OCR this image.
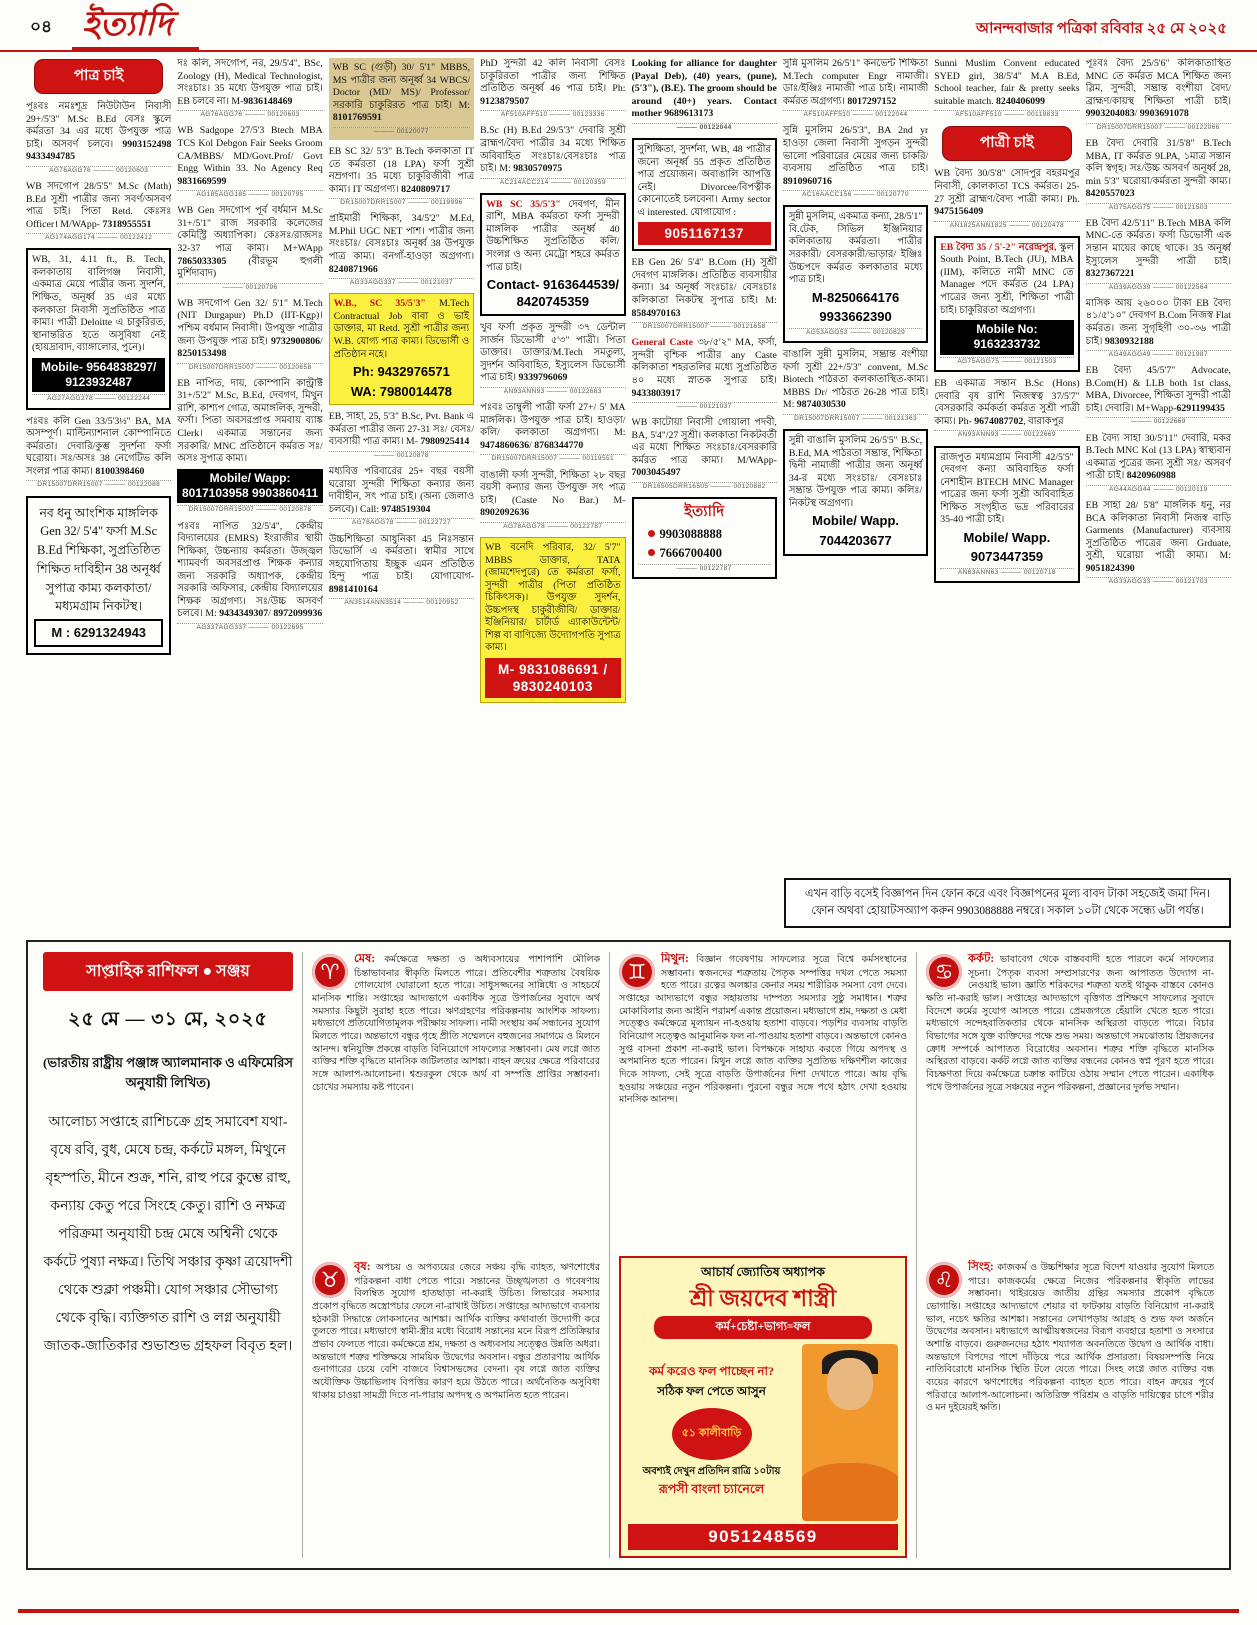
০৪ ইত্যাদি	আনন্দবাজার পত্রিকা রবিবার ২৫ মে ২০২৫
পাত্র চাই
পূঃবঃ নমঃশূদ্র নিউটাউন নিবাসী 29+/5'3" M.Sc B.Ed বেসঃ স্কুলে কর্মরতা 34 এর মধ্যে উপযুক্ত পাত্র চাই। অসবর্ণ চলবে। 9903152498 9433494785
AG76AGG76 ——— 00120603
WB সদগোপ 28/5'5" M.Sc (Math) B.Ed সুশ্রী পাত্রীর জন্য সবর্ণ/অসবর্ণ পাত্র চাই। পিতা Retd. কেঃসঃ Officer। M/WApp- 7318955551
AG174AGG174 ——— 00122412
WB, 31, 4.11 ft., B. Tech, কলকাতায় বালিগঞ্জ নিবাসী, একমাত্র মেয়ে পাত্রীর জন্য সুদর্শন, শিক্ষিত, অনূর্ধ্ব 35 এর মধ্যে কলকাতা নিবাসী সুপ্রতিষ্ঠিত পাত্র কাম্য। পাত্রী Deloitte এ চাকুরিরত, স্থানান্তরিত হতে অসুবিধা নেই (হায়দ্রাবাদ, ব্যাঙ্গালোর, পুনে)।
Mobile- 9564838297/ 9123932487
AG27AGG278 ——— 00122244
পঃবঃ কলি Gen 33/5'3½" BA, MA অসম্পূর্ণ। মাল্টিন্যাশনাল কোম্পানিতে কর্মরতা। দেবারি/কুম্ভ সুদর্শনা ফর্সা ঘরোয়া। সঃ/অসঃ 38 নেগেটিভ কলি সংলগ্ন পাত্র কাম্য। 8100398460
DR15007DRR15007 ——— 00122088
নব ধনু আংশিক মাঙ্গলিক Gen 32/ 5'4" ফর্সা M.Sc B.Ed শিক্ষিকা, সুপ্রতিষ্ঠিত শিক্ষিত দাবিহীন 38 অনূর্ধ্ব সুপাত্র কাম্য কলকাতা/ মধ্যমগ্রাম নিকটস্থ।
M : 6291324943
দঃ কলি, সদগোপ, নর, 29/5'4", BSc, Zoology (H), Medical Technologist, সংঃচাঃ। 35 মধ্যে উপযুক্ত পাত্র চাই। EB চলবে না। M-9836148469
AG76AGG76 ——— 00120603
WB Sadgope 27/5'3 Btech MBA TCS Kol Debgon Fair Seeks Groom CA/MBBS/ MD/Govt.Prof/ Govt Engg Within 33. No Agency Req 9831669599
AG185AGG185 ——— 00120795
WB Gen সদগোপ পূর্ব বর্ধমান M.Sc 31+/5'1" রাজ সরকারি কলেজের কেমিস্ট্রি অধ্যাপিকা। কেঃসঃ/রাজসঃ 32-37 পাত্র কাম্য। M+WApp 7865033305 (বীরভূম হুগলী মুর্শিদাবাদ)
——— 00120796
WB সদগোপ Gen 32/ 5'1" M.Tech (NIT Durgapur) Ph.D (IIT-Kgp)। পশ্চিম বর্ধমান নিবাসী। উপযুক্ত পাত্রীর জন্য উপযুক্ত পাত্র চাই। 9732900806/ 8250153498
DR15007DRR15007 ——— 00120658
EB নাপিত, দায়, কোম্পানি কান্ট্রাক্ট 31+/5'2" M.Sc, B.Ed, দেবগণ, মিথুন রাশি, কাশ্যপ গোত্র, অমাঙ্গলিক, সুন্দরী, ফর্সা। পিতা অবসরপ্রাপ্ত সমবায় ব্যাঙ্ক Clerk। একমাত্র সন্তানের জন্য সরকারি/ MNC প্রতিষ্ঠানে কর্মরত সঃ/অসঃ সুপাত্র কাম্য।
Mobile/ Wapp: 8017103958 9903860411
DR15007DRR15007 ——— 00120878
পঃবঃ নাপিত 32/5'4", কেন্দ্রীয় বিদ্যালয়ের (EMRS) ইংরাজীর স্থায়ী শিক্ষিকা, উচ্চন্যায় কর্মরতা। উজ্জ্বল শ্যামবর্ণা অবসরপ্রাপ্ত শিক্ষক কন্যার জন্য সরকারি অধ্যাপক, কেন্দ্রীয় সরকারি অফিসার, কেন্দ্রীয় বিদ্যালয়ের শিক্ষক অগ্রগণ্য। সঃ/উচ্চ অসবর্ণ চলবে। M: 9434349307/ 8972099936
AG337AGG337 ——— 00122695
WB SC (গুড়ী) 30/ 5'1" MBBS, MS পাত্রীর জন্য অনূর্ধ্ব 34 WBCS/ Doctor (MD/ MS)/ Professor/ সরকারি চাকুরিরত পাত্র চাই। M: 8101769591
——— 00120077
EB SC 32/ 5'3" B.Tech কলকাতা IT তে কর্মরতা (18 LPA) ফর্সা সুশ্রী নম্রগণা। 35 মধ্যে চাকুরিজীবী পাত্র কাম্য। IT অগ্রগণ্য। 8240809717
DR15007DRR15007 ——— 00119996
প্রাইমারী শিক্ষিকা, 34/5'2" M.Ed, M.Phil UGC NET পাশ। পাত্রীর জন্য সংঃচাঃ/ বেসঃচাঃ অনূর্ধ্ব 38 উপযুক্ত পাত্র কাম্য। বনগাঁ-হাওড়া অগ্রগণ্য। 8240871966
AG33AGG337 ——— 00121037
W.B., SC 35/5'3" M.Tech Contractual Job বাবা ও ভাই ডাক্তার, মা Retd. সুশ্রী পাত্রীর জন্য W.B. যোগ্য পাত্র কাম্য। ডিভোর্সী ও প্রতিষ্ঠান নহে।
Ph: 9432976571
WA: 7980014478
EB, সাহা, 25, 5'3" B.Sc, Pvt. Bank এ কর্মরতা পাত্রীর জন্য 27-31 সঃ/ বেসঃ/ ব্যবসায়ী পাত্র কাম্য। M- 7980925414
——— 00120878
মধ্যবিত্ত পরিবারের 25+ বছর বয়সী ঘরোয়া সুন্দরী শিক্ষিতা কন্যার জন্য দাবীহীন, সৎ পাত্র চাই। (অন্য জেলাও চলবে)। Call: 9748519304
AG78AGG78 ——— 00122727
উচ্চশিক্ষিতা আধুনিকা 45 নিঃসন্তান ডিভোর্সি এ কর্মরতা। স্বামীর সাথে সহযোগিতায় ইচ্ছুক এমন প্রতিষ্ঠিত হিন্দু পাত্র চাই। যোগাযোগ- 8981410164
AN3514ANN3514 ——— 00120952
PhD সুন্দরী 42 কলি নিবাসী বেসঃ চাকুরিরতা পাত্রীর জন্য শিক্ষিত প্রতিষ্ঠিত অনূর্ধ্ব 46 পাত্র চাই। Ph: 9123879507
AF510AFF510 ——— 00123336
B.Sc (H) B.Ed 29/5'3" দেবারি সুশ্রী ব্রাহ্মণ/বৈদ্য পাত্রীর 34 মধ্যে শিক্ষিত অবিবাহিত সংঃচাঃ/বেসঃচাঃ পাত্র চাই। M: 9830570975
AC214ACC214 ——— 00120359
WB SC 35/5'3" দেবগণ, মীন রাশি, MBA কর্মরতা ফর্সা সুন্দরী মাঙ্গলিক পাত্রীর অনূর্ধ্ব 40 উচ্চশিক্ষিত সুপ্রতিষ্ঠিত কলি/ সংলগ্ন ও অন্য মেট্রো শহরে কর্মরত পাত্র চাই।
Contact- 9163644539/ 8420745359
খুব ফর্সা প্রকৃত সুন্দরী ৩৭ ডেন্টাল সার্জন ডিভোর্সী ৫'৩" পাত্রী। পিতা ডাক্তার। ডাক্তার/M.Tech সমতুল্য, সুদর্শন অবিবাহিত, ইস্যুলেস ডিভোর্সী পাত্র চাই। 9339796069
AN93ANN93 ——— 00122663
পঃবঃ তাম্বুলী পাত্রী ফর্সা 27+/ 5' MA মাঙ্গলিক। উপযুক্ত পাত্র চাই। হাওড়া/ কলি/ কলকাতা অগ্রগণ্য। M: 9474860636/ 8768344770
DR15007DRR15007 ——— 00119551
বাঙালী ফর্সা সুন্দরী, শিক্ষিতা ২৮ বছর বয়সী কন্যার জন্য উপযুক্ত সৎ পাত্র চাই। (Caste No Bar.) M- 8902092636
AG78AGG78 ——— 00122787
WB বনেদি পরিবার, 32/ 5'7" MBBS ডাক্তার, TATA (জামশেদপুরে) তে কর্মরতা ফর্সা, সুন্দরী পাত্রীর (পিতা প্রতিষ্ঠিত চিকিৎসক)। উপযুক্ত সুদর্শন, উচ্চপদস্থ চাকুরীজীবি/ ডাক্তার/ ইঞ্জিনিয়ার/ চার্টার্ড এ্যাকাউন্টেন্ট/ শিল্প বা বাণিজ্যে উদ্যোগপতি সুপাত্র কাম্য।
M- 9831086691 / 9830240103
Looking for alliance for daughter (Payal Deb), (40) years, (pune), (5'3"), (B.E). The groom should be around (40+) years. Contact mother 9689613173
——— 00122044
সুশিক্ষিতা, সুদর্শনা, WB, 48 পাত্রীর জন্যে অনূর্ধ্ব 55 প্রকৃত প্রতিষ্ঠিত পাত্র প্রয়োজন। অবাঙালি আপত্তি নেই। Divorcee/বিপত্নীক কোনোতেই চলবেনা। Army sector এ interested. যোগাযোগ :
9051167137
EB Gen 26/ 5'4" B.Com (H) সুশ্রী দেবগণ মাঙ্গলিক। প্রতিষ্ঠিত ব্যবসায়ীর কন্যা। 34 অনূর্ধ্ব সংঃচাঃ/ বেসঃচাঃ কলিকাতা নিকটস্থ সুপাত্র চাই। M: 8584970163
DR15007DRR15007 ——— 00121658
General Caste ৩৮/৫'২" MA, ফর্সা, সুন্দরী বৃশ্চিক পাত্রীর any Caste কলিকাতা শহরতলির মধ্যে সুপ্রতিষ্ঠিত ৪০ মধ্যে স্নাতক সুপাত্র চাই। 9433803917
——— 00121037
WB কাটোয়া নিবাসী গোয়ালা পদবী, BA, 5'4"/27 সুশ্রী। কলকাতা নিকটবর্তী এর মধ্যে শিক্ষিত সংঃচাঃ/বেসরকারি কর্মরত পাত্র কাম্য। M/WApp-7003045497
DR16505DRR16505 ——— 00120882
ইত্যাদি
9903088888
7666700400
——— 00122787
সুন্নি মুসলিম 26/5'1" কনভেন্ট শিক্ষিতা M.Tech computer Engr নামাজী। ডাঃ/ইঞ্জিঃ নামাজী পাত্র চাই। নামাজী কর্মরত অগ্রগণ্য। 8017297152
AF510AFF510 ——— 00122044
সুন্নি মুসলিম 26/5'3", BA 2nd yr হাওড়া জেলা নিবাসী সুগড়ন সুন্দরী ভালো পরিবারের মেয়ের জন্য চাকরি/ব্যবসায় প্রতিষ্ঠিত পাত্র চাই। 8910960716
AC16AACC156 ——— 00120770
সুন্নী মুসলিম, একমাত্র কন্যা, 28/5'1" বি.টেক, সিভিল ইঞ্জিনিয়ার কলিকাতায় কর্মরতা। পাত্রীর সরকারী/ বেসরকারী/ভাড়ার/ ইঞ্জিঃ উচ্চপদে কর্মরত কলকাতার মধ্যে পাত্র চাই।
M-8250664176
9933662390
AG53AGG53 ——— 00120829
বাঙালি সুন্নী মুসলিম, সম্ভ্রান্ত বংশীয়া ফর্সা সুশ্রী 22+/5'3" convent, M.Sc Biotech পাঠরতা কলকাতাস্থিত-কাম্য। MBBS Dr/ পাঠরত 26-28 পাত্র চাই। M: 9874030530
DR15007DRR15007 ——— 00121363
সুন্নী বাঙালি মুসলিম 26/5'5" B.Sc, B.Ed, MA পাঠরতা সম্ভ্রান্ত, শিক্ষিতা দ্বিনী নামাজী পাত্রীর জন্য অনূর্ধ্ব 34-র মধ্যে সংঃচাঃ/ বেসঃচাঃ সম্ভ্রান্ত উপযুক্ত পাত্র কাম্য। কলিঃ/ নিকটস্থ অগ্রগণ্য।
Mobile/ Wapp.
7044203677
Sunni Muslim Convent educated SYED girl, 38/5'4" M.A B.Ed, School teacher, fair & pretty seeks suitable match. 8240406099
AF510AFF510 ——— 00119833
পাত্রী চাই
WB বৈদ্য 30/5'8" সোদপুর বহরমপুর নিবাসী, কোলকাতা TCS কর্মরত। 25-27 সুশ্রী ব্রাহ্মণ/বৈদ্য পাত্রী কাম্য। Ph. 9475156409
AN1825ANN1825 ——— 00120478
EB বৈদ্য 35 / 5'-2" নরেন্দ্রপুর, স্কুল South Point, B.Tech (JU), MBA (IIM), কলিতে নামী MNC তে Manager পদে কর্মরত (24 LPA) পাত্রের জন্য সুশ্রী, শিক্ষিতা পাত্রী চাই। চাকুরিরতা অগ্রগণ্য।
Mobile No: 9163233732
AG75AGG75 ——— 00121503
EB একমাত্র সন্তান B.Sc (Hons) দেবারি বৃষ রাশি নিজস্বত্ব 37/5'7" বেসরকারি কর্মকর্তা কর্মরত সুশ্রী পাত্রী কাম্য। Ph- 9674087702, বারাকপুর
AN93ANN93 ——— 00122669
রাজপুত মধ্যমগ্রাম নিবাসী 42/5'5" দেবগণ কন্যা অবিবাহিত ফর্সা নেশাহীন BTECH MNC Manager পাত্রের জন্য ফর্সা সুশ্রী অবিবাহিত শিক্ষিত সংগৃহীত ভদ্র পরিবারের 35-40 পাত্রী চাই।
Mobile/ Wapp.
9073447359
AN63ANN63 ——— 00120718
পূঃবঃ বৈদ্য 25/5'6" কলিকাতাস্থিত MNC তে কর্মরত MCA শিক্ষিত জন্য স্লিম, সুন্দরী, সম্ভ্রান্ত বংশীয়া বৈদ্য/ব্রাহ্মণ/কায়স্থ শিক্ষিতা পাত্রী চাই। 9903204083/ 9903691078
DR15007DRR15007 ——— 00122066
EB বৈদ্য দেবারি 31/5'8" B.Tech MBA, IT কর্মরত 9LPA, ১মাত্র সন্তান কলি স্বগৃহ। সঃ/উচ্চ অসবর্ণ অনূর্ধ্ব 28, min 5'3" ঘরোয়া/কর্মরতা সুন্দরী কাম্য। 8420557023
AG75AGG75 ——— 00121503
EB বৈদ্য 42/5'11" B.Tech MBA কলি MNC-তে কর্মরত। ফর্সা ডিভোর্সী এক সন্তান মায়ের কাছে থাকে। 35 অনূর্ধ্ব ইস্যুলেস সুন্দরী পাত্রী চাই। 8327367221
AG39AGG39 ——— 00122564
মাসিক আয় ২৬০০০ টাকা EB বৈদ্য ৪১/৫'১০" দেবগণ B.Com নিজস্ব Flat কর্মরত। জন্য সুগৃহিণী ৩০-৩৬ পাত্রী চাই। 9830932188
AG49AGG49 ——— 00121987
EB বৈদ্য 45/5'7" Advocate, B.Com(H) & LLB both 1st class, MBA, Divorcee, শিক্ষিতা সুন্দরী পাত্রী চাই। দেবারি। M+Wapp-6291199435
——— 00122669
EB বৈদ্য সাহা 30/5'11" দেবারি, মকর B.Tech MNC Kol (13 LPA) স্বাস্থ্যবান একমাত্র পুত্রের জন্য সুশ্রী সঃ/ অসবর্ণ পাত্রী চাই। 8420960988
AG44AGG44 ——— 00120119
EB সাহা 28/ 5'8" মাঙ্গলিক ধনু, নর BCA কলিকাতা নিবাসী নিজস্ব বাড়ি Garments (Manufacturer) ব্যবসায় সুপ্রতিষ্ঠিত পাত্রের জন্য Grduate, সুশ্রী, ঘরোয়া পাত্রী কাম্য। M: 9051824390
AG33AGG33 ——— 00121703
এখন বাড়ি বসেই বিজ্ঞাপন দিন ফোন করে এবং বিজ্ঞাপনের মূল্য বাবদ টাকা সহজেই জমা দিন। ফোন অথবা হোয়াটসঅ্যাপ করুন 9903088888 নম্বরে। সকাল ১০টা থেকে সন্ধ্যে ৬টা পর্যন্ত।
সাপ্ত়াহিক রাশিফল ● সঞ্জয়
২৫ মে — ৩১ মে, ২০২৫
(ভারতীয় রাষ্ট্রীয় পঞ্জাঙ্গ অ্যালমানাক ও এফিমেরিস অনুযায়ী লিখিত)
আলোচ্য সপ্তাহে রাশিচক্রে গ্রহ সমাবেশ যথা-বৃষে রবি, বুধ, মেষে চন্দ্র, কর্কটে মঙ্গল, মিথুনে বৃহস্পতি, মীনে শুক্র, শনি, রাহু পরে কুম্ভে রাহু, কন্যায় কেতু পরে সিংহে কেতু। রাশি ও নক্ষত্র পরিক্রমা অনুযায়ী চন্দ্র মেষে অশ্বিনী থেকে কর্কটে পুষ্যা নক্ষত্র। তিথি সঞ্চার কৃষ্ণা ত্রয়োদশী থেকে শুক্লা পঞ্চমী। যোগ সঞ্চার সৌভাগ্য থেকে বৃদ্ধি। ব্যক্তিগত রাশি ও লগ্ন অনুযায়ী জাতক-জাতিকার শুভাশুভ গ্রহফল বিবৃত হল।
♈
মেষ: কর্মক্ষেত্রে দক্ষতা ও অধ্যবসায়ের পাশাপাশি মৌলিক চিন্তাভাবনার স্বীকৃতি মিলতে পারে। প্রতিবেশীর শত্রুতায় বৈষয়িক গোলযোগ ঘোরালো হতে পারে। সাধুসজ্জনের সান্নিধ্যে ও সাহচর্যে মানসিক শান্তি। সপ্তাহের আদ্যভাগে একাধিক সূত্রে উপার্জনের সুবাদে অর্থ সমস্যার কিছুটা সুরাহা হতে পারে। ঋণগ্রহণের পরিকল্পনায় আংশিক সাফল্য। মধ্যভাগে প্রতিযোগিতামূলক পরীক্ষায় সাফল্য। নামী সংস্থায় কর্ম সন্ধানের সুযোগ মিলতে পারে। অন্তভাগে বন্ধুর গৃহে প্রীতি সম্মেলনে বহুজনের সমাগমে ও মিলনে আনন্দ। স্বনিযুক্তি প্রকল্পে বাড়তি বিনিয়োগে সাফল্যের সম্ভাবনা। মেষ লগ্নে জাত ব্যক্তির শক্তি বৃদ্ধিতে মানসিক জটিলতার আশঙ্কা। বাহন ক্রয়ের ক্ষেত্রে পরিবারের সঙ্গে আলাপ-আলোচনা। শ্বশুরকুল থেকে অর্থ বা সম্পত্তি প্রাপ্তির সম্ভাবনা। চোখের সমস্যায় কষ্ট পাবেন।
♉
বৃষ: অপচয় ও অপব্যয়ের জেরে সঞ্চয় বৃদ্ধি ব্যাহত, ঋণশোধের পরিকল্পনা বাধা পেতে পারে। সন্তানের উচ্ছৃঙ্খলতা ও গবেষণায় বিলম্বিত সুযোগ হাতছাড়া না-করাই উচিত। লিভারের সমস্যার প্রকোপ বৃদ্ধিতে অস্ত্রোপচার ফেলে না-রাখাই উচিত। সপ্তাহের আদ্যভাগে ব্যবসায় হঠকারী সিদ্ধান্তে লোকসানের আশঙ্কা। আর্থিক ব্যক্তির কথাবার্তা উদ্যোগী করে তুলতে পারে। মধ্যভাগে স্বামী-স্ত্রীর মধ্যে বিরোধ সন্তানের মনে বিরূপ প্রতিক্রিয়ার প্রভাব ফেলতে পারে। কর্মক্ষেত্রে শ্রম, দক্ষতা ও অধ্যবসায় সত্ত্বেও উন্নতি অধরা। অন্তভাগে শত্রুর শক্তিক্ষয়ে সাময়িক উদ্বেগের অবসান। বন্ধুর প্রতারণায় আর্থিক গুনাগারের চেয়ে বেশি বাজবে বিশ্বাসভঙ্গের বেদনা। বৃষ লগ্নে জাত ব্যক্তির অযৌক্তিক উচ্চাভিলাষ বিপত্তির কারণ হয়ে উঠতে পারে। অর্থনৈতিক অসুবিধা থাকায় চাওয়া সামগ্রী দিতে না-পারায় অপদস্থ ও অপমানিত হতে পারেন।
♊
মিথুন: বিজ্ঞান গবেষণায় সাফল্যের সূত্রে বিশ্বে কর্মসংস্থানের সম্ভাবনা। স্বজনদের শত্রুতায় পৈতৃক সম্পত্তির দখল পেতে সমস্যা হতে পারে। রত্নের অলঙ্কার কেনার সময় শারীরিক সমস্যা বেগ দেবে। সপ্তাহের আদ্যভাগে বন্ধুর সহায়তায় দাম্পত্য সমস্যার সুষ্ঠু সমাধান। শত্রুর মোকাবিলার জন্য আইনি পরামর্শ একান্ত প্রয়োজন। মধ্যভাগে শ্রম, দক্ষতা ও মেধা সত্ত্বেও কর্মক্ষেত্রে মূল্যায়ন না-হওয়ায় হতাশা বাড়বে। পড়শির ব্যবসায় বাড়তি বিনিয়োগ সত্ত্বেও আনুমানিক ফল না-পাওয়ায় হতাশা বাড়বে। অন্তভাগে কোনও সুপ্ত বাসনা প্রকাশ না-করাই ভাল। বিপক্ষকে সাহায্য করতে গিয়ে অপদস্থ ও অপমানিত হতে পারেন। মিথুন লগ্নে জাত ব্যক্তির সুপ্রতিভ দক্ষিণশীল কাজের দিকে সাফল্য, সেই সূত্রে বাড়তি উপার্জনের দিশা দেখাতে পারে। আয় বৃদ্ধি হওয়ায় সঞ্চয়ের নতুন পরিকল্পনা। পুরনো বন্ধুর সঙ্গে পথে হঠাৎ দেখা হওয়ায় মানসিক আনন্দ।
আচার্য জ্যোতিষ অধ্যাপক
শ্রী জয়দেব শাস্ত্রী
কর্ম+চেষ্টা+ভাগ্য=ফল
কর্ম করেও ফল পাচ্ছেন না?
সঠিক ফল পেতে আসুন
৫১ কালীবাড়ি
অবশ্যই দেখুন প্রতিদিন রাত্রি ১০টায়
রূপসী বাংলা চ্যানেলে
9051248569
♋
কর্কট: ভাবাবেগ থেকে বাস্তববাদী হতে পারলে কর্মে সাফল্যের সূচনা। পৈতৃক ব্যবসা সম্প্রসারণের জন্য আপাতত উদ্যোগ না-নেওয়াই ভাল। জ্ঞাতি শরিকদের শত্রুতা যতই থাকুক বাস্তবে কোনও ক্ষতি না-করাই ভাল। সপ্তাহের আদ্যভাগে বৃত্তিগত প্রশিক্ষণে সাফল্যের সুবাদে বিদেশে কর্মের সুযোগ আসতে পারে। প্রেমজগতে হেঁয়ালি খেতে হতে পারে। মধ্যভাগে সন্দেহবাতিকতার থেকে মানসিক অস্থিরতা বাড়তে পারে। বিচার বিভাগের সঙ্গে যুক্ত ব্যক্তিদের পক্ষে শুভ সময়। অন্তভাগে সমঝোতায় প্রিয়জনের ক্রোধ সম্পর্কে আপাতত বিরোধের অবসান। শত্রুর শক্তি বৃদ্ধিতে মানসিক অস্থিরতা বাড়বে। কর্কট লগ্নে জাত ব্যক্তির বন্ধনের কোনও স্বপ্ন পূরণ হতে পারে। বিচক্ষণতা দিয়ে কর্মক্ষেত্রে চক্রান্ত কাটিয়ে ওঠায় সম্মান পেতে পারেন। একাধিক পথে উপার্জনের সূত্রে সঞ্চয়ের নতুন পরিকল্পনা, প্রজ্ঞানের দুর্লভ সম্মান।
♌
সিংহ: কাজকর্ম ও উচ্চশিক্ষার সূত্রে বিদেশ যাওয়ার সুযোগ মিলতে পারে। কাজকর্মের ক্ষেত্রে নিজের পরিকল্পনার স্বীকৃতি লাভের সম্ভাবনা। থাইরয়েড জাতীয় গ্রন্থির সমস্যার প্রকোপ বৃদ্ধিতে ভোগান্তি। সপ্তাহের আদ্যভাগে শেয়ার বা ফাটকায় বাড়তি বিনিয়োগ না-করাই ভাল, নচেৎ ক্ষতির আশঙ্কা। সন্তানের লেখাপড়ায় আগ্রহ ও শুভ ফল অর্জনে উদ্বেগের অবসান। মধ্যভাগে আত্মীয়স্বজনের বিরূপ ব্যবহারে হতাশা ও সংসারে অশান্তি বাড়বে। গুরুজনদের হঠাৎ শয্যাগত অবনতিতে উদ্বেগ ও আর্থিক বাধা। অন্তভাগে বিপদের পাশে দাঁড়িয়ে পরে আর্থিক প্রসারতা। বিষয়সম্পত্তি নিয়ে নাতিবিরোধে মানসিক স্থিতি টলে যেতে পারে। সিংহ লগ্নে জাত ব্যক্তির বন্ধ ব্যয়ের কারণে ঋণশোধের পরিকল্পনা ব্যাহত হতে পারে। বাহন ক্রয়ের পূর্বে পরিবারে আলাপ-আলোচনা। অতিরিক্ত পরিশ্রম ও বাড়তি দায়িত্বের চাপে শরীর ও মন দুইয়েরই ক্ষতি।
